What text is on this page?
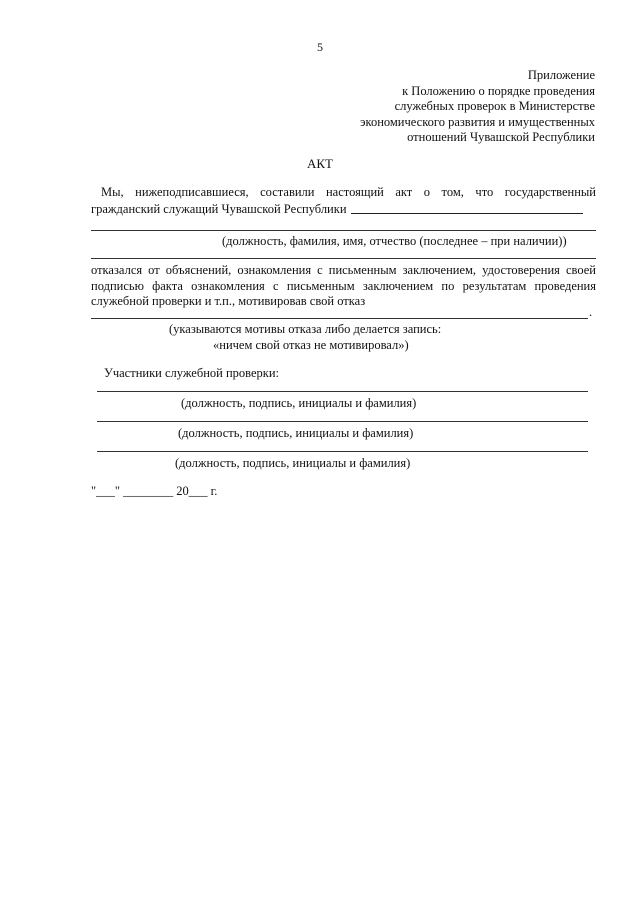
5
Приложение
к Положению о порядке проведения
служебных проверок в Министерстве
экономического развития и имущественных
отношений Чувашской Республики
АКТ
Мы, нижеподписавшиеся, составили настоящий акт о том, что государственный
гражданский служащий Чувашской Республики
(должность, фамилия, имя, отчество (последнее – при наличии))
отказался от объяснений, ознакомления с письменным заключением, удостоверения своей
подписью факта ознакомления с письменным заключением по результатам проведения
служебной проверки и т.п., мотивировав свой отказ
.
(указываются мотивы отказа либо делается запись:
«ничем свой отказ не мотивировал»)
Участники служебной проверки:
(должность, подпись, инициалы и фамилия)
(должность, подпись, инициалы и фамилия)
(должность, подпись, инициалы и фамилия)
"___" ________ 20___ г.
